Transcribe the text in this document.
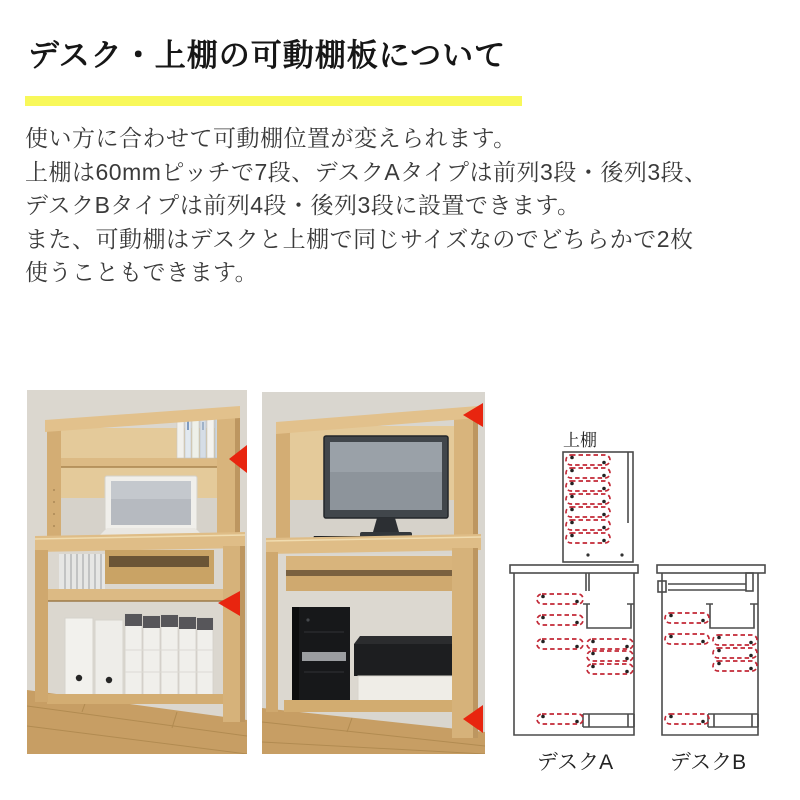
デスク・上棚の可動棚板について
使い方に合わせて可動棚位置が変えられます。
上棚は60mmピッチで7段、デスクAタイプは前列3段・後列3段、
デスクBタイプは前列4段・後列3段に設置できます。
また、可動棚はデスクと上棚で同じサイズなのでどちらかで2枚
使うこともできます。
上棚
デスクA	デスクB
